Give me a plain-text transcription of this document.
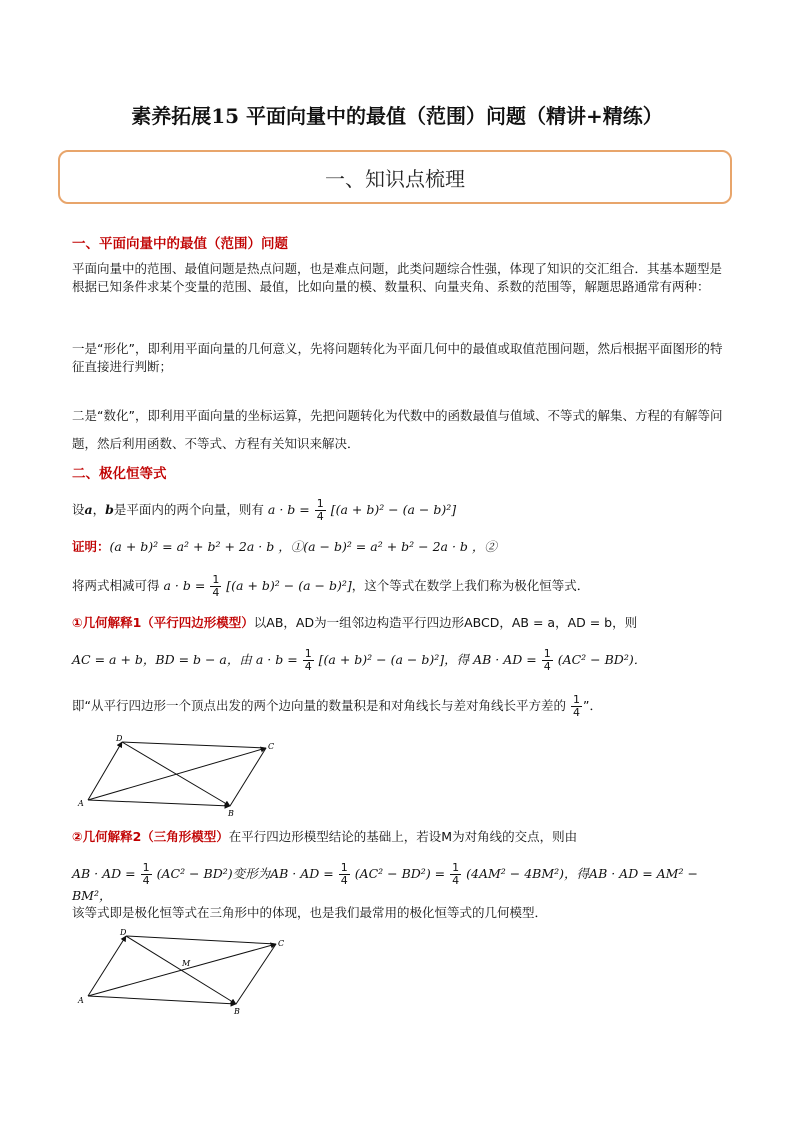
素养拓展15 平面向量中的最值（范围）问题（精讲+精练）
一、知识点梳理
一、平面向量中的最值（范围）问题
平面向量中的范围、最值问题是热点问题，也是难点问题，此类问题综合性强，体现了知识的交汇组合．其基本题型是根据已知条件求某个变量的范围、最值，比如向量的模、数量积、向量夹角、系数的范围等，解题思路通常有两种：
一是“形化”，即利用平面向量的几何意义，先将问题转化为平面几何中的最值或取值范围问题，然后根据平面图形的特征直接进行判断；
二是“数化”，即利用平面向量的坐标运算，先把问题转化为代数中的函数最值与值域、不等式的解集、方程的有解等问题，然后利用函数、不等式、方程有关知识来解决．
二、极化恒等式
设a，b是平面内的两个向量，则有 $a \cdot b = \frac{1}{4} [(a + b)^2 - (a - b)^2]$
证明：(a + b)² = a² + b² + 2a · b ，①(a − b)² = a² + b² − 2a · b ，②
将两式相减可得 $a \cdot b = \frac{1}{4} [(a + b)^2 - (a - b)^2]$，这个等式在数学上我们称为极化恒等式．
①几何解释1（平行四边形模型）以AB，AD为一组邻边构造平行四边形ABCD，AB = a，AD = b，则
AC = a + b，BD = b − a，由 $a \cdot b = \frac{1}{4} [(a + b)^2 - (a - b)^2]$，得 AB · AD = $\frac{1}{4} (AC^2 - BD^2)$．
即“从平行四边形一个顶点出发的两个边向量的数量积是和对角线长与差对角线长平方差的 $\frac{1}{4}$ ”．
A
D
C
B
②几何解释2（三角形模型）在平行四边形模型结论的基础上，若设M为对角线的交点，则由
AB · AD = $\frac{1}{4} (AC^2 - BD^2)$变形为AB · AD = $\frac{1}{4} (AC^2 - BD^2) = \frac{1}{4} (4AM^2 - 4BM^2)$，得AB · AD = AM² − BM²，
该等式即是极化恒等式在三角形中的体现，也是我们最常用的极化恒等式的几何模型．
A
D
C
B
M
